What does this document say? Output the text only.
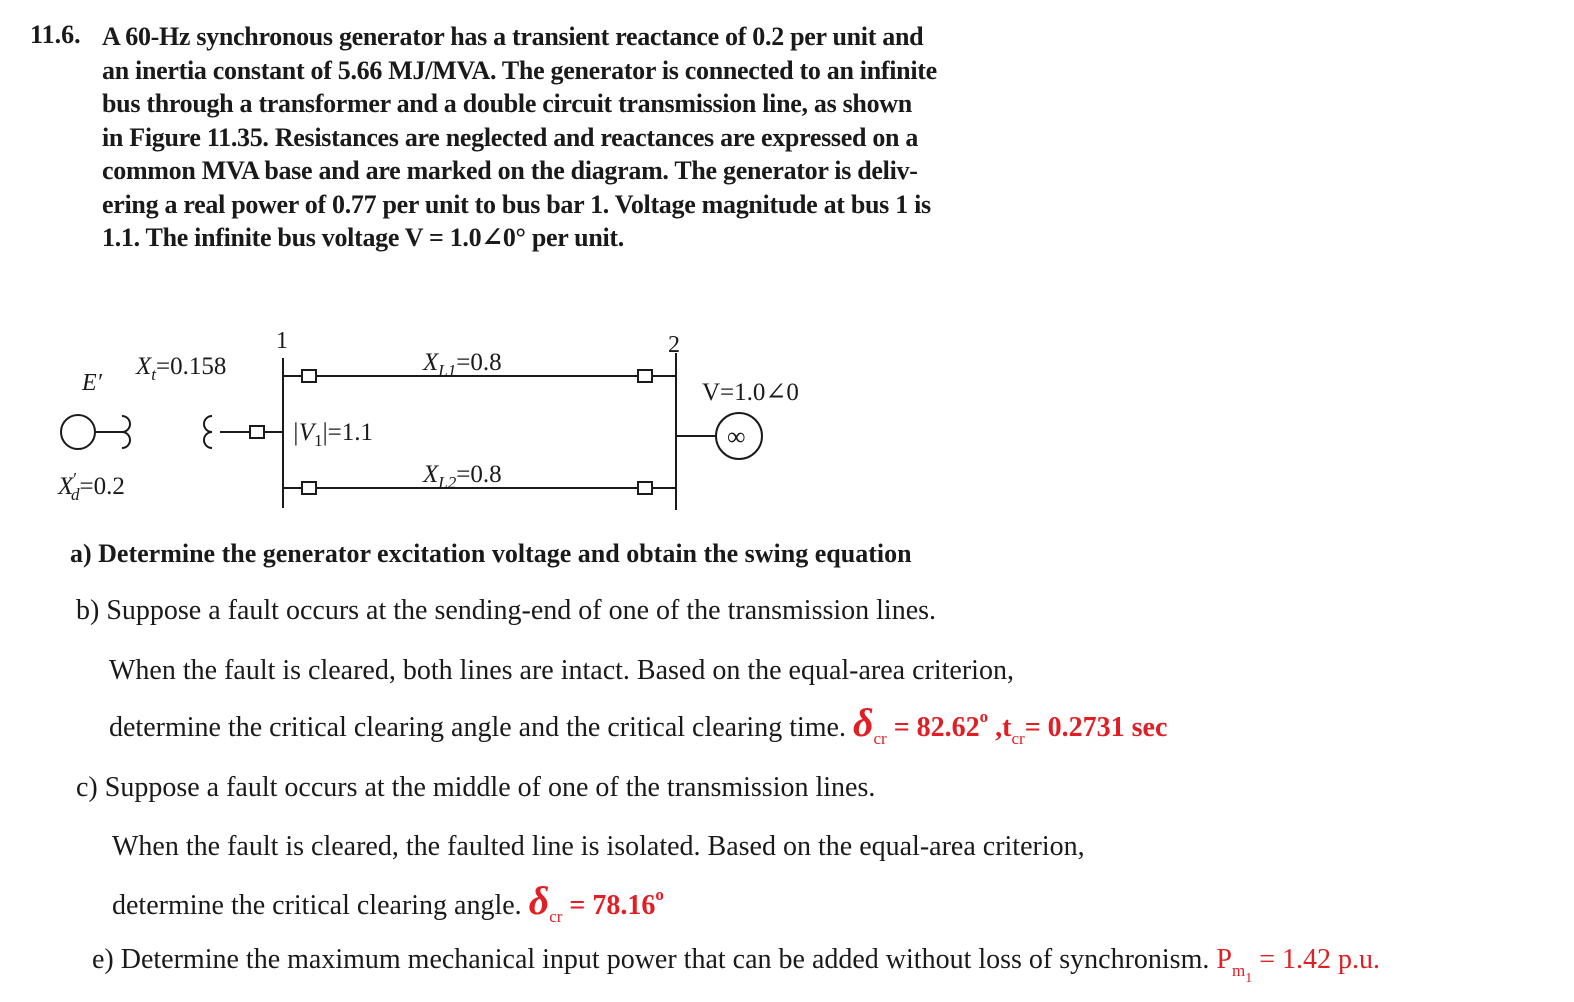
11.6. A 60-Hz synchronous generator has a transient reactance of 0.2 per unit and
an inertia constant of 5.66 MJ/MVA. The generator is connected to an infinite
bus through a transformer and a double circuit transmission line, as shown
in Figure 11.35. Resistances are neglected and reactances are expressed on a
common MVA base and are marked on the diagram. The generator is deliv-
ering a real power of 0.77 per unit to bus bar 1. Voltage magnitude at bus 1 is
1.1. The infinite bus voltage V = 1.0∠0° per unit.
E′
$X_t=0.158$
X′ d=0.2
1	2
$X_{L1}=0.8$
$X_{L2}=0.8$
$|V_1|=1.1$
V=1.0∠0
∞
a) Determine the generator excitation voltage and obtain the swing equation
b) Suppose a fault occurs at the sending-end of one of the transmission lines.
When the fault is cleared, both lines are intact. Based on the equal-area criterion,
determine the critical clearing angle and the critical clearing time. $\delta_{cr} = 82.62^o$ $,t_{cr}= 0.2731$ sec
c) Suppose a fault occurs at the middle of one of the transmission lines.
When the fault is cleared, the faulted line is isolated. Based on the equal-area criterion,
determine the critical clearing angle. $\delta_{cr} = 78.16^o$
e) Determine the maximum mechanical input power that can be added without loss of synchronism. $P_{m1} = 1.42$ p.u.
